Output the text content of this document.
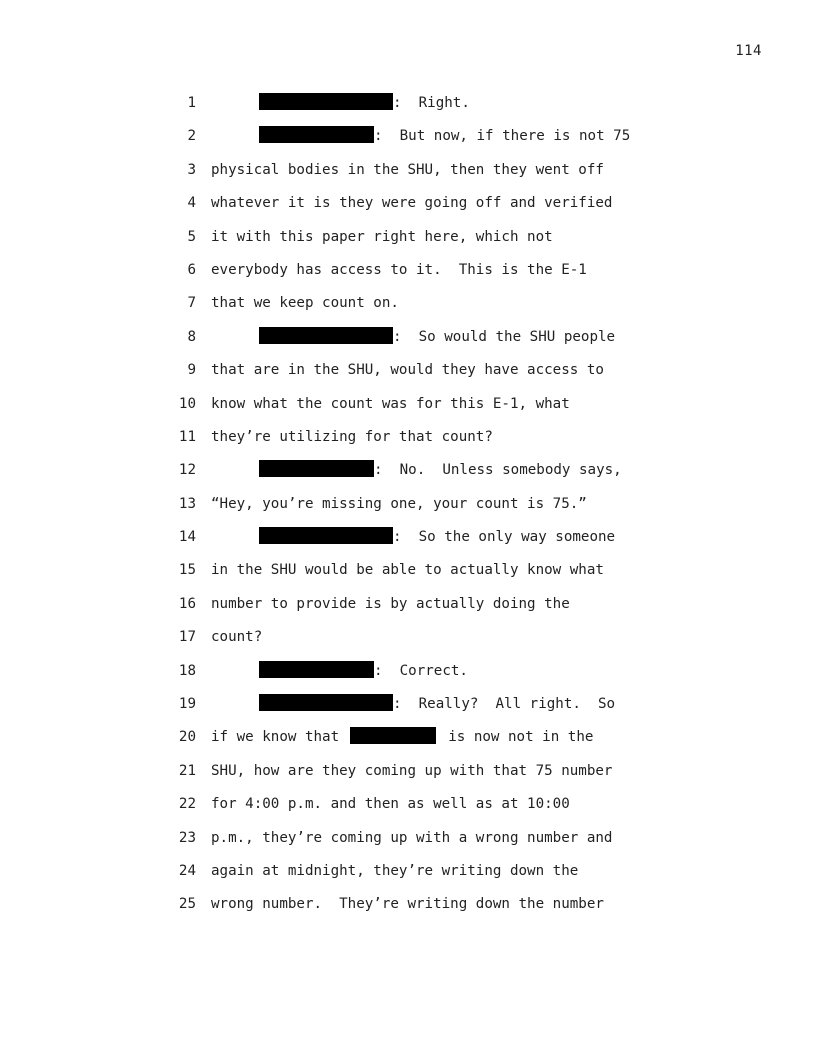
114
1	:  Right.
2	:  But now, if there is not 75
3 physical bodies in the SHU, then they went off
4 whatever it is they were going off and verified
5 it with this paper right here, which not
6 everybody has access to it.  This is the E-1
7 that we keep count on.
8	:  So would the SHU people
9 that are in the SHU, would they have access to
10 know what the count was for this E-1, what
11 they’re utilizing for that count?
12	:  No.  Unless somebody says,
13 “Hey, you’re missing one, your count is 75.”
14	:  So the only way someone
15 in the SHU would be able to actually know what
16 number to provide is by actually doing the
17 count?
18	:  Correct.
19	:  Really?  All right.  So
20 if we know that	is now not in the
21 SHU, how are they coming up with that 75 number
22 for 4:00 p.m. and then as well as at 10:00
23 p.m., they’re coming up with a wrong number and
24 again at midnight, they’re writing down the
25 wrong number.  They’re writing down the number
